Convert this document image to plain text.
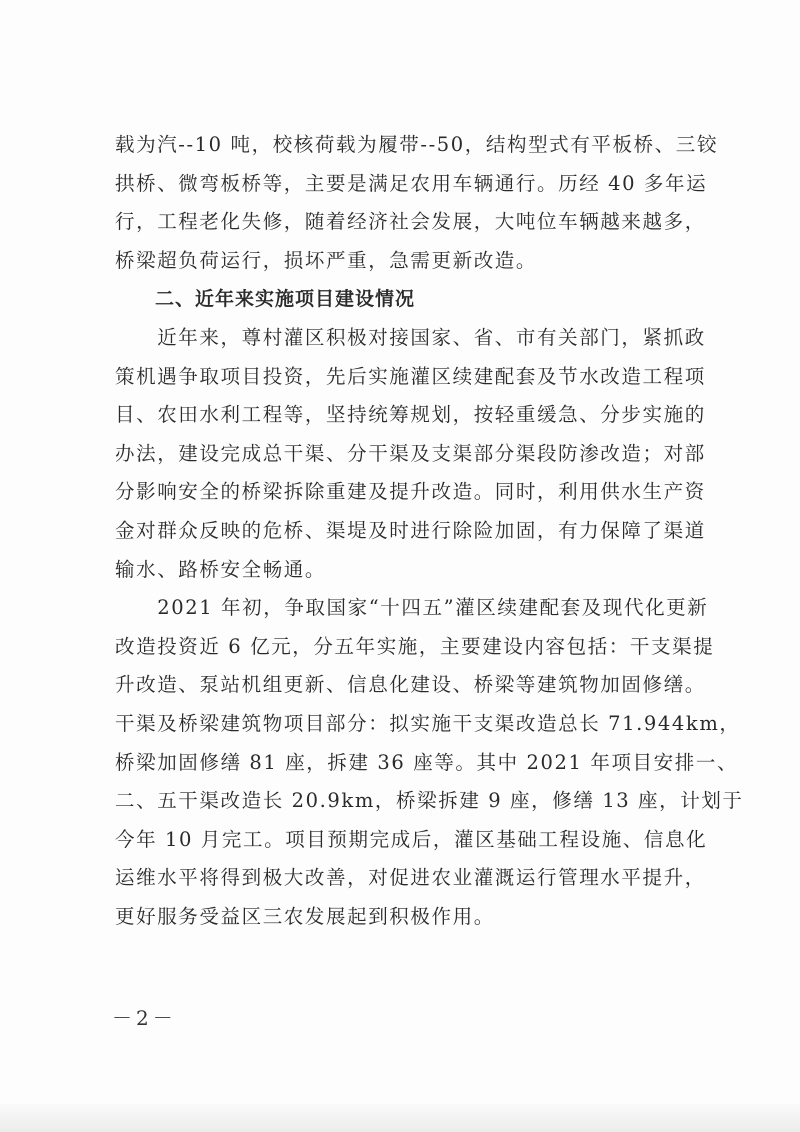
载为汽--10 吨，校核荷载为履带--50，结构型式有平板桥、三铰
拱桥、微弯板桥等，主要是满足农用车辆通行。历经 40 多年运
行，工程老化失修，随着经济社会发展，大吨位车辆越来越多，
桥梁超负荷运行，损坏严重，急需更新改造。
　　二、近年来实施项目建设情况
　　近年来，尊村灌区积极对接国家、省、市有关部门，紧抓政
策机遇争取项目投资，先后实施灌区续建配套及节水改造工程项
目、农田水利工程等，坚持统筹规划，按轻重缓急、分步实施的
办法，建设完成总干渠、分干渠及支渠部分渠段防渗改造；对部
分影响安全的桥梁拆除重建及提升改造。同时，利用供水生产资
金对群众反映的危桥、渠堤及时进行除险加固，有力保障了渠道
输水、路桥安全畅通。
　　2021 年初，争取国家“十四五”灌区续建配套及现代化更新
改造投资近 6 亿元，分五年实施，主要建设内容包括：干支渠提
升改造、泵站机组更新、信息化建设、桥梁等建筑物加固修缮。
干渠及桥梁建筑物项目部分：拟实施干支渠改造总长 71.944km，
桥梁加固修缮 81 座，拆建 36 座等。其中 2021 年项目安排一、
二、五干渠改造长 20.9km，桥梁拆建 9 座，修缮 13 座，计划于
今年 10 月完工。项目预期完成后，灌区基础工程设施、信息化
运维水平将得到极大改善，对促进农业灌溉运行管理水平提升，
更好服务受益区三农发展起到积极作用。
－2－
